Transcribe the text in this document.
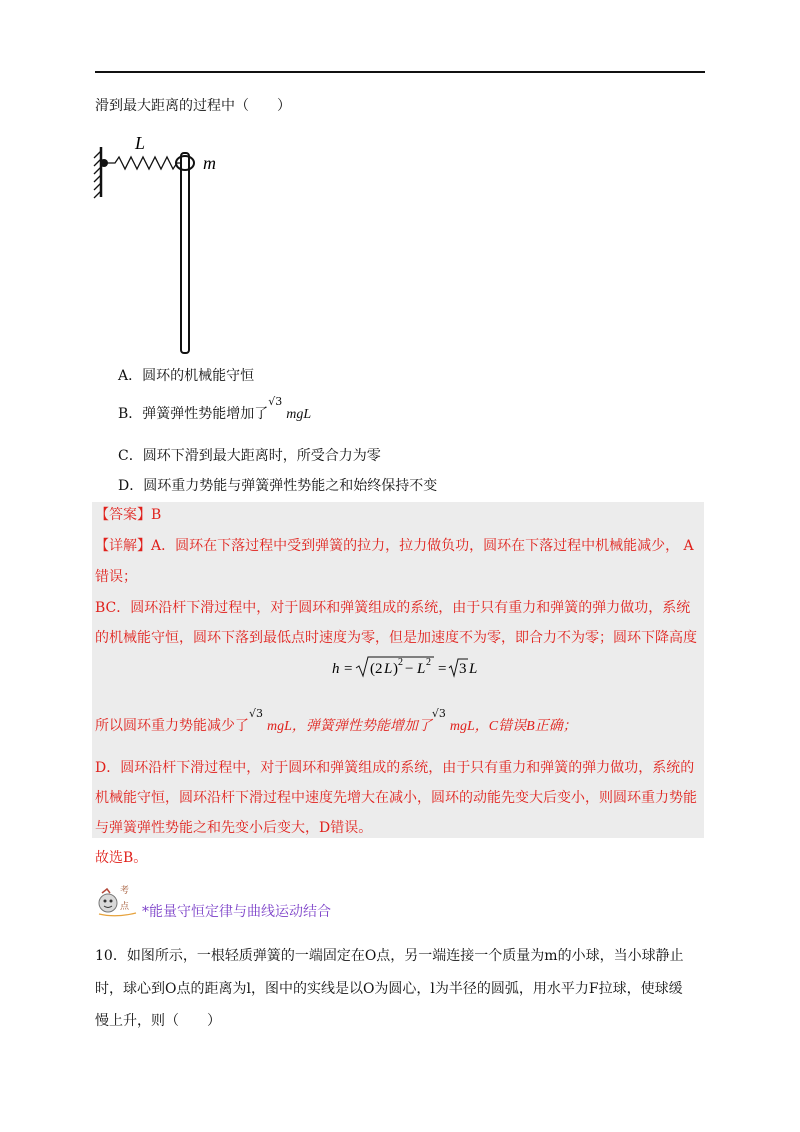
滑到最大距离的过程中（　　）
L
m
A．圆环的机械能守恒
B．弹簧弹性势能增加了
√3
mgL
C．圆环下滑到最大距离时，所受合力为零
D．圆环重力势能与弹簧弹性势能之和始终保持不变
【答案】B
【详解】A．圆环在下落过程中受到弹簧的拉力，拉力做负功，圆环在下落过程中机械能减少， A
错误；
BC．圆环沿杆下滑过程中，对于圆环和弹簧组成的系统，由于只有重力和弹簧的弹力做功，系统
的机械能守恒，圆环下落到最低点时速度为零，但是加速度不为零，即合力不为零；圆环下降高度
h = (2 L ) 2 − L 2 = 3 L
所以圆环重力势能减少了
√3
mgL，弹簧弹性势能增加了
√3
mgL，C错误B正确；
D．圆环沿杆下滑过程中，对于圆环和弹簧组成的系统，由于只有重力和弹簧的弹力做功，系统的
机械能守恒，圆环沿杆下滑过程中速度先增大在减小，圆环的动能先变大后变小，则圆环重力势能
与弹簧弹性势能之和先变小后变大，D错误。
故选B。
考
点 *能量守恒定律与曲线运动结合
10．如图所示，一根轻质弹簧的一端固定在O点，另一端连接一个质量为m的小球，当小球静止
时，球心到O点的距离为l，图中的实线是以O为圆心，l为半径的圆弧，用水平力F拉球，使球缓
慢上升，则（　　）
